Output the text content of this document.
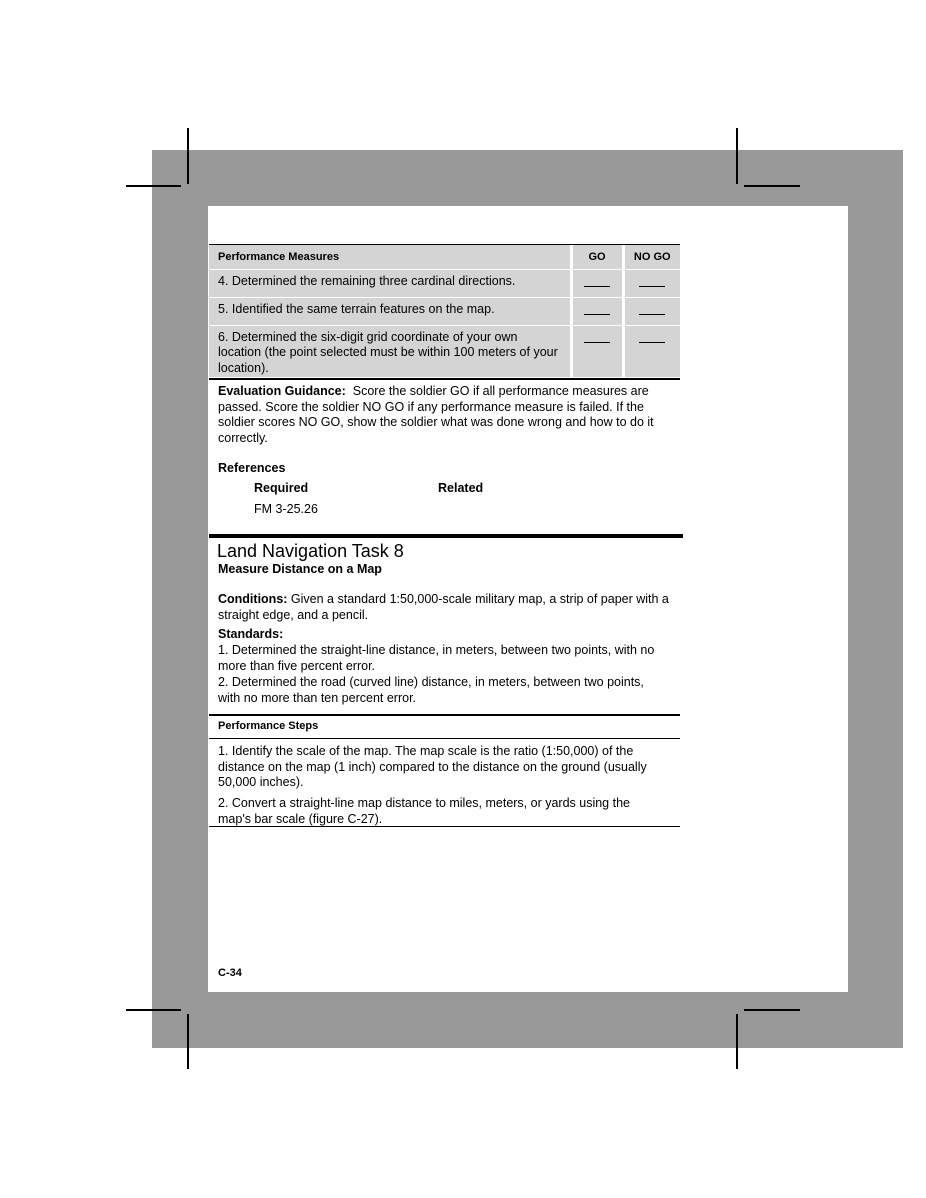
Performance Measures	GO	NO GO
4. Determined the remaining three cardinal directions.		
5. Identified the same terrain features on the map.		
6. Determined the six-digit grid coordinate of your own location (the point selected must be within 100 meters of your location).		
Evaluation Guidance: Score the soldier GO if all performance measures are passed. Score the soldier NO GO if any performance measure is failed. If the soldier scores NO GO, show the soldier what was done wrong and how to do it correctly.
References
Required	Related
FM 3-25.26
Land Navigation Task 8
Measure Distance on a Map
Conditions: Given a standard 1:50,000-scale military map, a strip of paper with a straight edge, and a pencil.
Standards:
1. Determined the straight-line distance, in meters, between two points, with no more than five percent error.
2. Determined the road (curved line) distance, in meters, between two points, with no more than ten percent error.
Performance Steps
1. Identify the scale of the map. The map scale is the ratio (1:50,000) of the distance on the map (1 inch) compared to the distance on the ground (usually 50,000 inches).
2. Convert a straight-line map distance to miles, meters, or yards using the map's bar scale (figure C-27).
C-34
